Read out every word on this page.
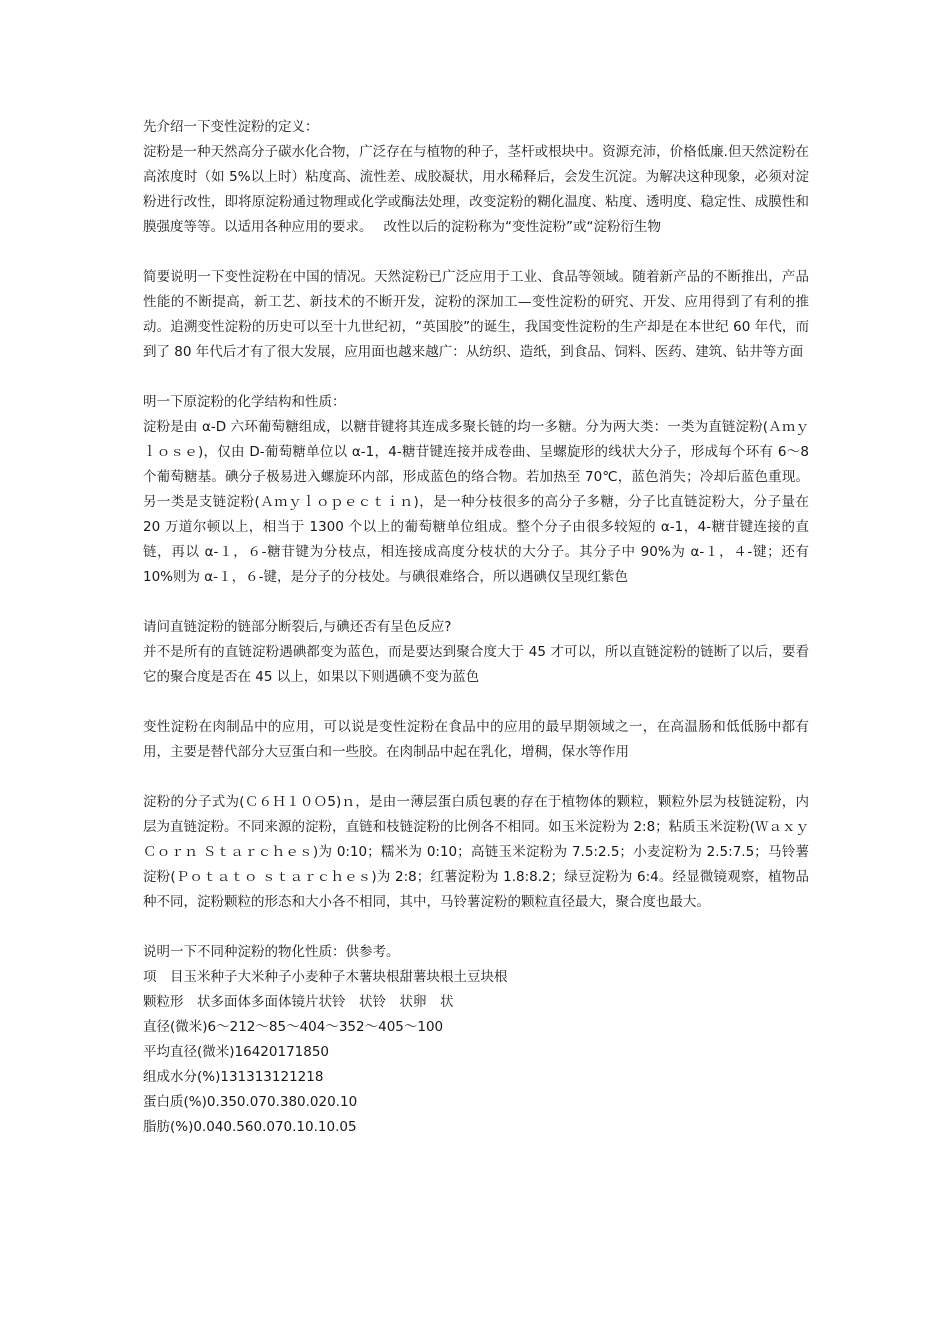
先介绍一下变性淀粉的定义：

淀粉是一种天然高分子碳水化合物，广泛存在与植物的种子，茎杆或根块中。资源充沛，价格低廉.但天然淀粉在高浓度时（如 5%以上时）粘度高、流性差、成胶凝状，用水稀释后，会发生沉淀。为解决这种现象，必须对淀粉进行改性，即将原淀粉通过物理或化学或酶法处理，改变淀粉的糊化温度、粘度、透明度、稳定性、成膜性和膜强度等等。以适用各种应用的要求。　 改性以后的淀粉称为“变性淀粉”或“淀粉衍生物

简要说明一下变性淀粉在中国的情况。天然淀粉已广泛应用于工业、食品等领域。随着新产品的不断推出，产品性能的不断提高，新工艺、新技术的不断开发，淀粉的深加工—变性淀粉的研究、开发、应用得到了有利的推动。追溯变性淀粉的历史可以至十九世纪初，“英国胶”的诞生，我国变性淀粉的生产却是在本世纪 60 年代，而到了 80 年代后才有了很大发展，应用面也越来越广：从纺织、造纸，到食品、饲料、医药、建筑、钻井等方面

明一下原淀粉的化学结构和性质：

淀粉是由 α-D 六环葡萄糖组成，以糖苷键将其连成多聚长链的均一多糖。分为两大类：一类为直链淀粉(Ａｍｙｌｏｓｅ)，仅由 D-葡萄糖单位以 α-1，4-糖苷键连接并成卷曲、呈螺旋形的线状大分子，形成每个环有 6～8 个葡萄糖基。碘分子极易进入螺旋环内部，形成蓝色的络合物。若加热至 70℃，蓝色消失；冷却后蓝色重现。另一类是支链淀粉(Ａｍｙｌｏｐｅｃｔｉｎ)，是一种分枝很多的高分子多糖，分子比直链淀粉大，分子量在 20 万道尔顿以上，相当于 1300 个以上的葡萄糖单位组成。整个分子由很多较短的 α-1，4-糖苷键连接的直链，再以 α-１，６-糖苷键为分枝点，相连接成高度分枝状的大分子。其分子中 90%为 α-１，４-键；还有 10%则为 α-１，６-键，是分子的分枝处。与碘很难络合，所以遇碘仅呈现红紫色

请问直链淀粉的链部分断裂后,与碘还否有呈色反应?

并不是所有的直链淀粉遇碘都变为蓝色，而是要达到聚合度大于 45 才可以，所以直链淀粉的链断了以后，要看它的聚合度是否在 45 以上，如果以下则遇碘不变为蓝色

变性淀粉在肉制品中的应用，可以说是变性淀粉在食品中的应用的最早期领域之一，在高温肠和低低肠中都有用，主要是替代部分大豆蛋白和一些胶。在肉制品中起在乳化，增稠，保水等作用

淀粉的分子式为(Ｃ６Ｈ１０Ｏ5)ｎ，是由一薄层蛋白质包裹的存在于植物体的颗粒，颗粒外层为枝链淀粉，内层为直链淀粉。不同来源的淀粉，直链和枝链淀粉的比例各不相同。如玉米淀粉为 2:8；粘质玉米淀粉(Ｗａｘｙ Ｃｏｒｎ Ｓｔａｒｃｈｅｓ)为 0:10；糯米为 0:10；高链玉米淀粉为 7.5:2.5；小麦淀粉为 2.5:7.5；马铃薯淀粉(Ｐｏｔａｔｏ ｓｔａｒｃｈｅｓ)为 2:8；红薯淀粉为 1.8:8.2；绿豆淀粉为 6:4。经显微镜观察，植物品种不同，淀粉颗粒的形态和大小各不相同，其中，马铃薯淀粉的颗粒直径最大，聚合度也最大。

说明一下不同种淀粉的物化性质：供参考。

项　目玉米种子大米种子小麦种子木薯块根甜薯块根土豆块根

颗粒形　状多面体多面体镜片状铃　状铃　状卵　状

直径(微米)6～212～85～404～352～405～100

平均直径(微米)16420171850

组成水分(%)131313121218

蛋白质(%)0.350.070.380.020.10

脂肪(%)0.040.560.070.10.10.05
